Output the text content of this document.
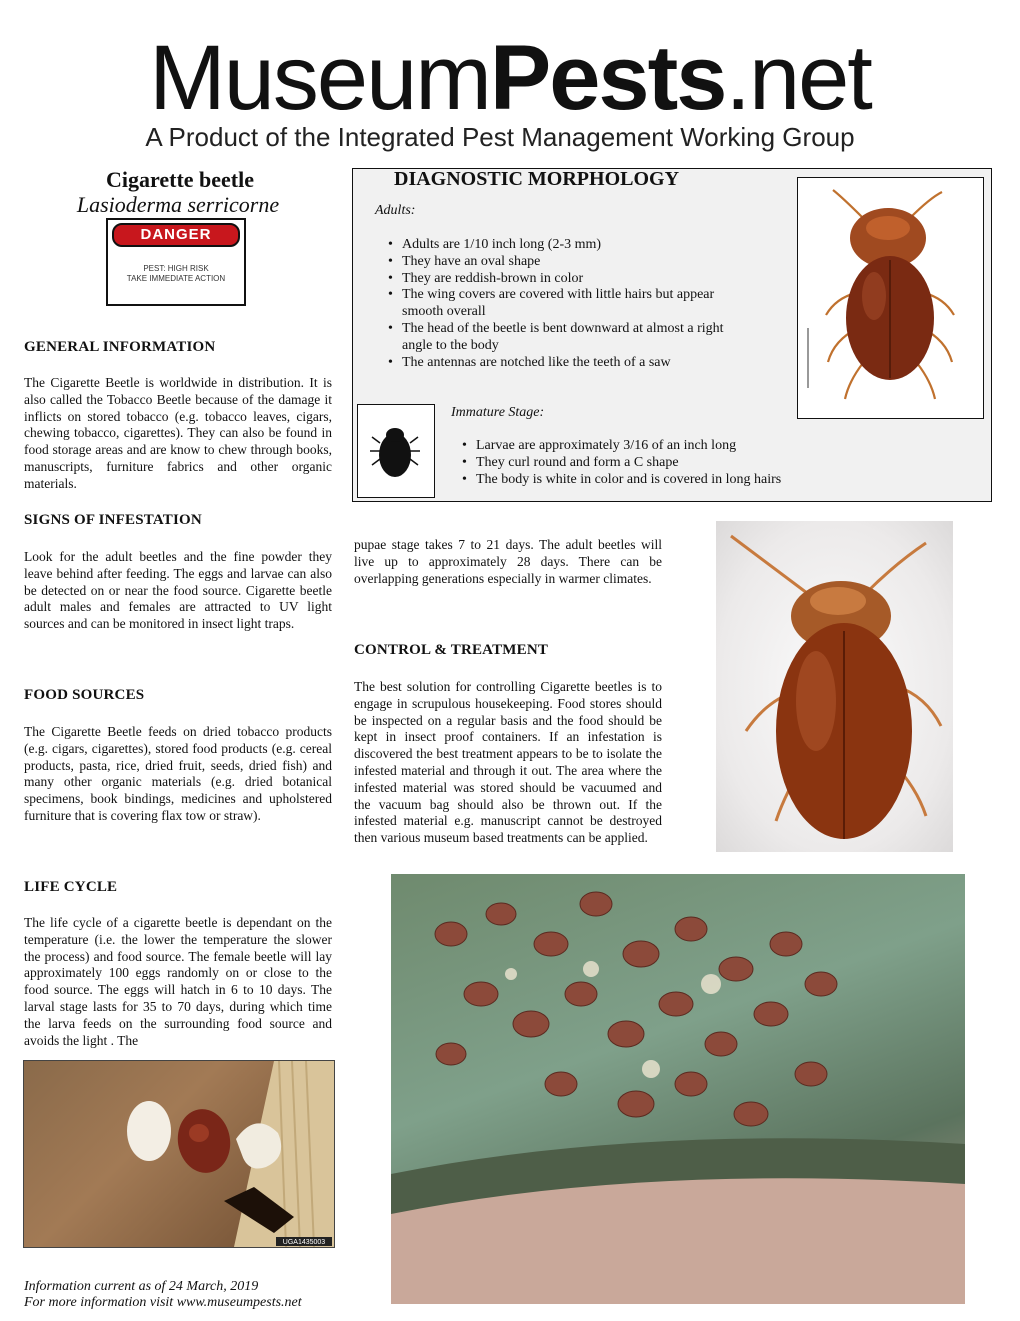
MuseumPests.net
A Product of the Integrated Pest Management Working Group
Cigarette beetle
Lasioderma serricorne
DANGER
PEST: HIGH RISK
TAKE IMMEDIATE ACTION
GENERAL INFORMATION
The Cigarette Beetle is worldwide in distribution. It is also called the Tobacco Beetle because of the damage it inflicts on stored tobacco (e.g. tobacco leaves, cigars, chewing tobacco, cigarettes). They can also be found in food storage areas and are know to chew through books, manuscripts, furniture fabrics and other organic materials.
SIGNS OF INFESTATION
Look for the adult beetles and the fine powder they leave behind after feeding. The eggs and larvae can also be detected on or near the food source. Cigarette beetle adult males and females are attracted to UV light sources and can be monitored in insect light traps.
FOOD SOURCES
The Cigarette Beetle feeds on dried tobacco products (e.g. cigars, cigarettes), stored food products (e.g. cereal products, pasta, rice, dried fruit, seeds, dried fish) and many other organic materials (e.g. dried botanical specimens, book bindings, medicines and upholstered furniture that is covering flax tow or straw).
LIFE CYCLE
The life cycle of a cigarette beetle is dependant on the temperature (i.e. the lower the temperature the slower the process) and food source. The female beetle will lay approximately 100 eggs randomly on or close to the food source. The eggs will hatch in 6 to 10 days. The larval stage lasts for 35 to 70 days, during which time the larva feeds on the surrounding food source and avoids the light . The
UGA1435003
Information current as of 24 March, 2019
For more information visit www.museumpests.net
DIAGNOSTIC MORPHOLOGY
Adults:
• Adults are 1/10 inch long (2-3 mm)
• They have an oval shape
• They are reddish-brown in color
• The wing covers are covered with little hairs but appear smooth overall
• The head of the beetle is bent downward at almost a right angle to the body
• The antennas are notched like the teeth of a saw
Immature Stage:
• Larvae are approximately 3/16 of an inch long
• They curl round and form a C shape
• The body is white in color and is covered in long hairs
pupae stage takes 7 to 21 days. The adult beetles will live up to approximately 28 days. There can be overlapping generations especially in warmer climates.
CONTROL & TREATMENT
The best solution for controlling Cigarette beetles is to engage in scrupulous housekeeping. Food stores should be inspected on a regular basis and the food should be kept in insect proof containers. If an infestation is discovered the best treatment appears to be to isolate the infested material and through it out. The area where the infested material was stored should be vacuumed and the vacuum bag should also be thrown out. If the infested material e.g. manuscript cannot be destroyed then various museum based treatments can be applied.
